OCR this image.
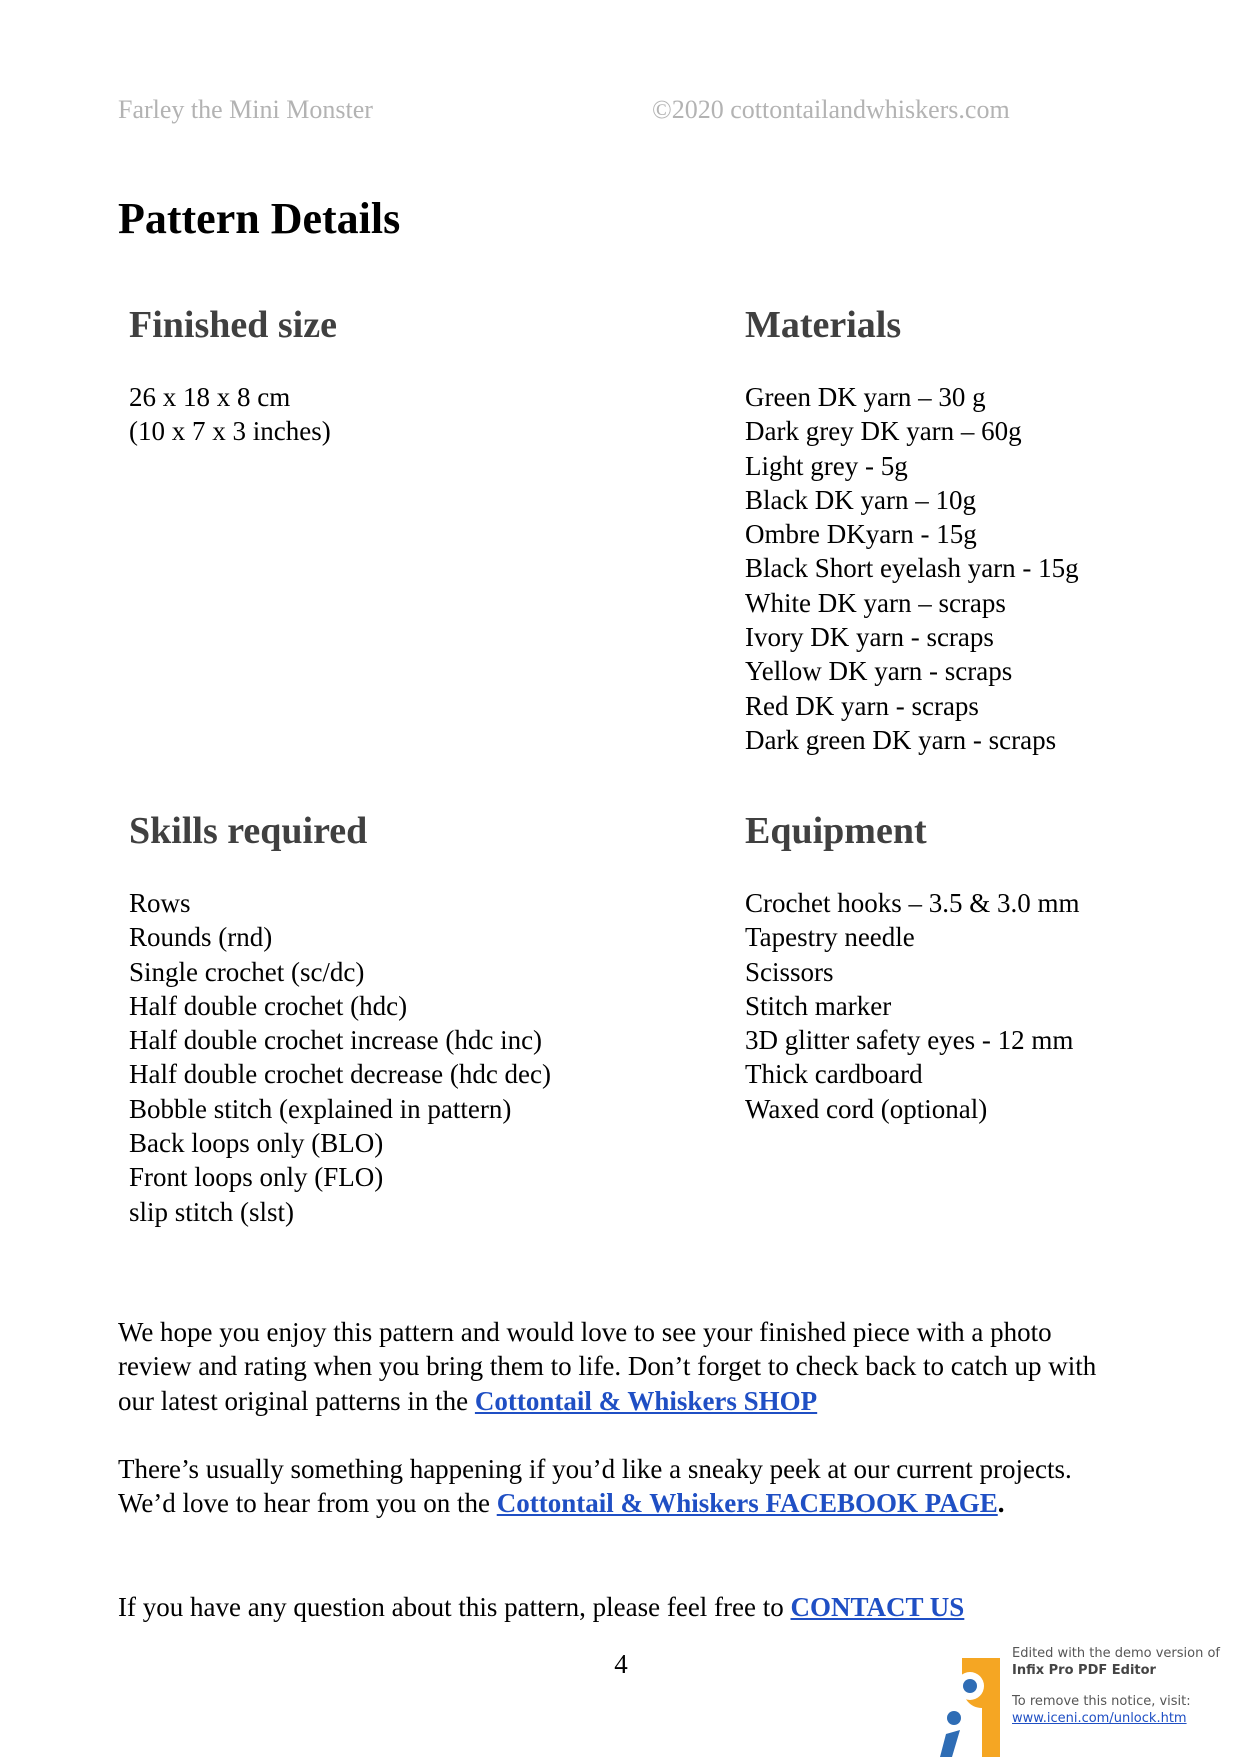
Farley the Mini Monster	©2020 cottontailandwhiskers.com
Pattern Details
Finished size
26 x 18 x 8 cm
(10 x 7 x 3 inches)
Materials
Green DK yarn – 30 g
Dark grey DK yarn – 60g
Light grey - 5g
Black DK yarn – 10g
Ombre DKyarn - 15g
Black Short eyelash yarn - 15g
White DK yarn – scraps
Ivory DK yarn - scraps
Yellow DK yarn - scraps
Red DK yarn - scraps
Dark green DK yarn - scraps
Skills required
Rows
Rounds (rnd)
Single crochet (sc/dc)
Half double crochet (hdc)
Half double crochet increase (hdc inc)
Half double crochet decrease (hdc dec)
Bobble stitch (explained in pattern)
Back loops only (BLO)
Front loops only (FLO)
slip stitch (slst)
Equipment
Crochet hooks – 3.5 & 3.0 mm
Tapestry needle
Scissors
Stitch marker
3D glitter safety eyes - 12 mm
Thick cardboard
Waxed cord (optional)

We hope you enjoy this pattern and would love to see your finished piece with a photo review and rating when you bring them to life. Don’t forget to check back to catch up with our latest original patterns in the Cottontail & Whiskers SHOP

There’s usually something happening if you’d like a sneaky peek at our current projects. We’d love to hear from you on the Cottontail & Whiskers FACEBOOK PAGE.

If you have any question about this pattern, please feel free to CONTACT US

4	Edited with the demo version of
Infix Pro PDF Editor
To remove this notice, visit:
www.iceni.com/unlock.htm
